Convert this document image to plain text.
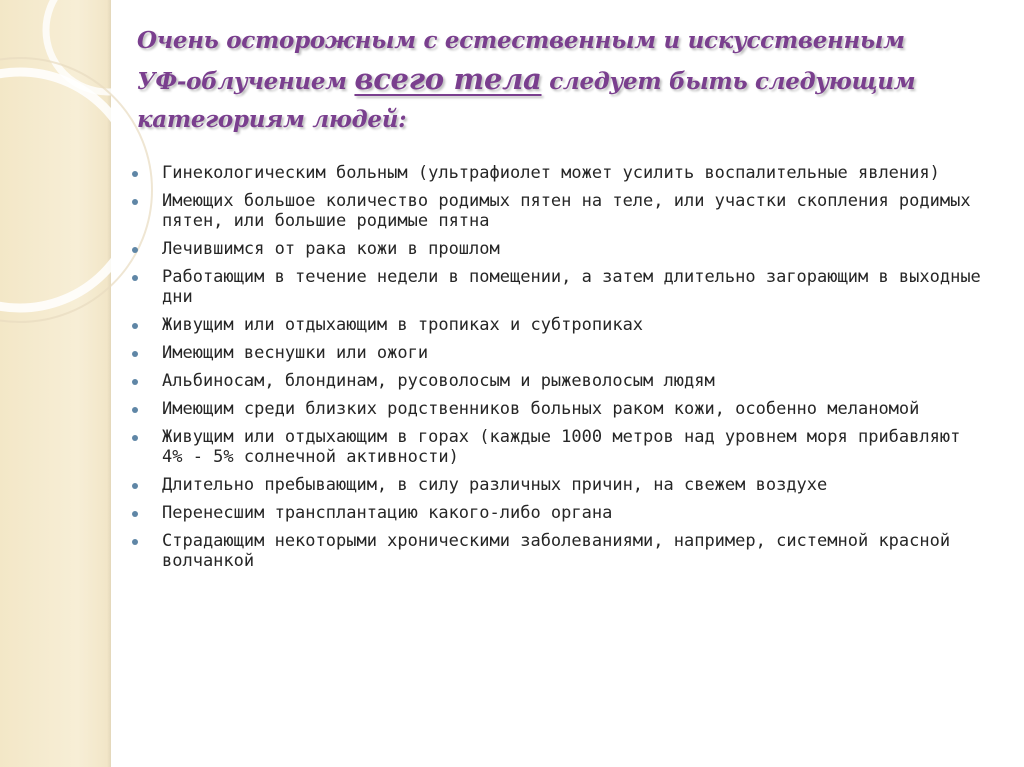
Очень осторожным с естественным и искусственным УФ-облучением всего тела следует быть следующим категориям людей:
Гинекологическим больным (ультрафиолет может усилить воспалительные явления)
Имеющих большое количество родимых пятен на теле, или участки скопления родимых пятен, или большие родимые пятна
Лечившимся от рака кожи в прошлом
Работающим в течение недели в помещении, а затем длительно загорающим в выходные дни
Живущим или отдыхающим в тропиках и субтропиках
Имеющим веснушки или ожоги
Альбиносам, блондинам, русоволосым и рыжеволосым людям
Имеющим среди близких родственников больных раком кожи, особенно меланомой
Живущим или отдыхающим в горах (каждые 1000 метров над уровнем моря прибавляют 4% - 5% солнечной активности)
Длительно пребывающим, в силу различных причин, на свежем воздухе
Перенесшим трансплантацию какого-либо органа
Страдающим некоторыми хроническими заболеваниями, например, системной красной волчанкой
